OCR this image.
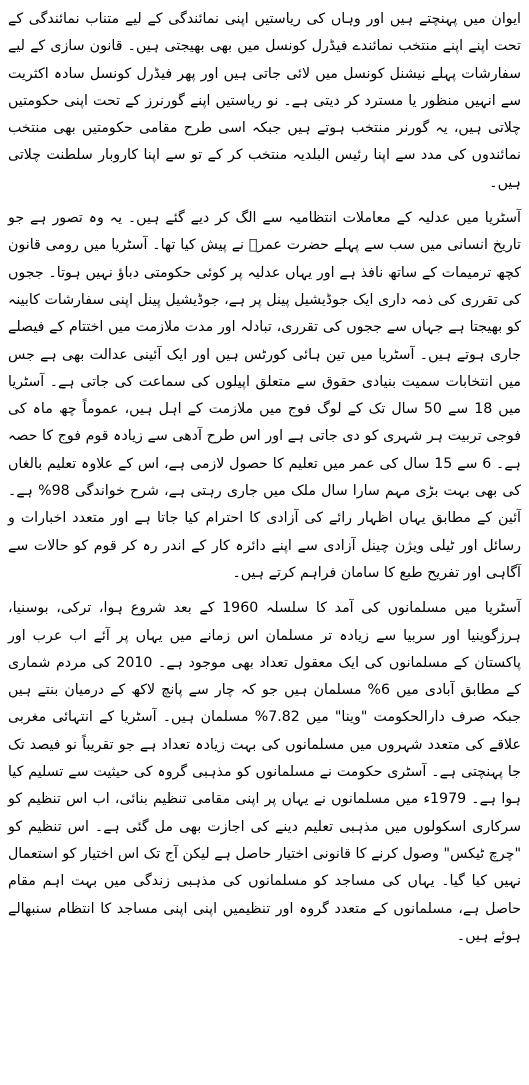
ایوان میں پہنچتے ہیں اور وہاں کی ریاستیں اپنی نمائندگی کے لیے متناب نمائندگی کے تحت اپنے اپنے منتخب نمائندے فیڈرل کونسل میں بھی بھیجتی ہیں۔ قانون سازی کے لیے سفارشات پہلے نیشنل کونسل میں لائی جاتی ہیں اور پھر فیڈرل کونسل سادہ اکثریت سے انہیں منظور یا مسترد کر دیتی ہے۔ نو ریاستیں اپنے گورنرز کے تحت اپنی حکومتیں چلاتی ہیں، یہ گورنر منتخب ہوتے ہیں جبکہ اسی طرح مقامی حکومتیں بھی منتخب نمائندوں کی مدد سے اپنا رئیس البلدیہ منتخب کر کے تو سے اپنا کاروبار سلطنت چلاتی ہیں۔

آسٹریا میں عدلیہ کے معاملات انتظامیہ سے الگ کر دیے گئے ہیں۔ یہ وہ تصور ہے جو تاریخ انسانی میں سب سے پہلے حضرت عمرؓ نے پیش کیا تھا۔ آسٹریا میں رومی قانون کچھ ترمیمات کے ساتھ نافذ ہے اور یہاں عدلیہ پر کوئی حکومتی دباؤ نہیں ہوتا۔ ججوں کی تقرری کی ذمہ داری ایک جوڈیشیل پینل پر ہے، جوڈیشیل پینل اپنی سفارشات کابینہ کو بھیجتا ہے جہاں سے ججوں کی تقرری، تبادلہ اور مدت ملازمت میں اختتام کے فیصلے جاری ہوتے ہیں۔ آسٹریا میں تین ہائی کورٹس ہیں اور ایک آئینی عدالت بھی ہے جس میں انتخابات سمیت بنیادی حقوق سے متعلق اپیلوں کی سماعت کی جاتی ہے۔ آسٹریا میں 18 سے 50 سال تک کے لوگ فوج میں ملازمت کے اہل ہیں، عموماً چھ ماہ کی فوجی تربیت ہر شہری کو دی جاتی ہے اور اس طرح آدھی سے زیادہ قوم فوج کا حصہ ہے۔ 6 سے 15 سال کی عمر میں تعلیم کا حصول لازمی ہے، اس کے علاوہ تعلیم بالغاں کی بھی بہت بڑی مہم سارا سال ملک میں جاری رہتی ہے، شرح خواندگی 98% ہے۔ آئین کے مطابق یہاں اظہار رائے کی آزادی کا احترام کیا جاتا ہے اور متعدد اخبارات و رسائل اور ٹیلی ویژن چینل آزادی سے اپنے دائرہ کار کے اندر رہ کر قوم کو حالات سے آگاہی اور تفریح طبع کا سامان فراہم کرتے ہیں۔

آسٹریا میں مسلمانوں کی آمد کا سلسلہ 1960 کے بعد شروع ہوا، ترکی، بوسنیا، ہرزگوینیا اور سربیا سے زیادہ تر مسلمان اس زمانے میں یہاں پر آئے اب عرب اور پاکستان کے مسلمانوں کی ایک معقول تعداد بھی موجود ہے۔ 2010 کی مردم شماری کے مطابق آبادی میں 6% مسلمان ہیں جو کہ چار سے پانچ لاکھ کے درمیان بنتے ہیں جبکہ صرف دارالحکومت "وینا" میں 7.82% مسلمان ہیں۔ آسٹریا کے انتہائی مغربی علاقے کی متعدد شہروں میں مسلمانوں کی بہت زیادہ تعداد ہے جو تقریباً نو فیصد تک جا پہنچتی ہے۔ آسٹری حکومت نے مسلمانوں کو مذہبی گروہ کی حیثیت سے تسلیم کیا ہوا ہے۔ 1979ء میں مسلمانوں نے یہاں پر اپنی مقامی تنظیم بنائی، اب اس تنظیم کو سرکاری اسکولوں میں مذہبی تعلیم دینے کی اجازت بھی مل گئی ہے۔ اس تنظیم کو "چرچ ٹیکس" وصول کرنے کا قانونی اختیار حاصل ہے لیکن آج تک اس اختیار کو استعمال نہیں کیا گیا۔ یہاں کی مساجد کو مسلمانوں کی مذہبی زندگی میں بہت اہم مقام حاصل ہے، مسلمانوں کے متعدد گروہ اور تنظیمیں اپنی اپنی مساجد کا انتظام سنبھالے ہوئے ہیں۔
